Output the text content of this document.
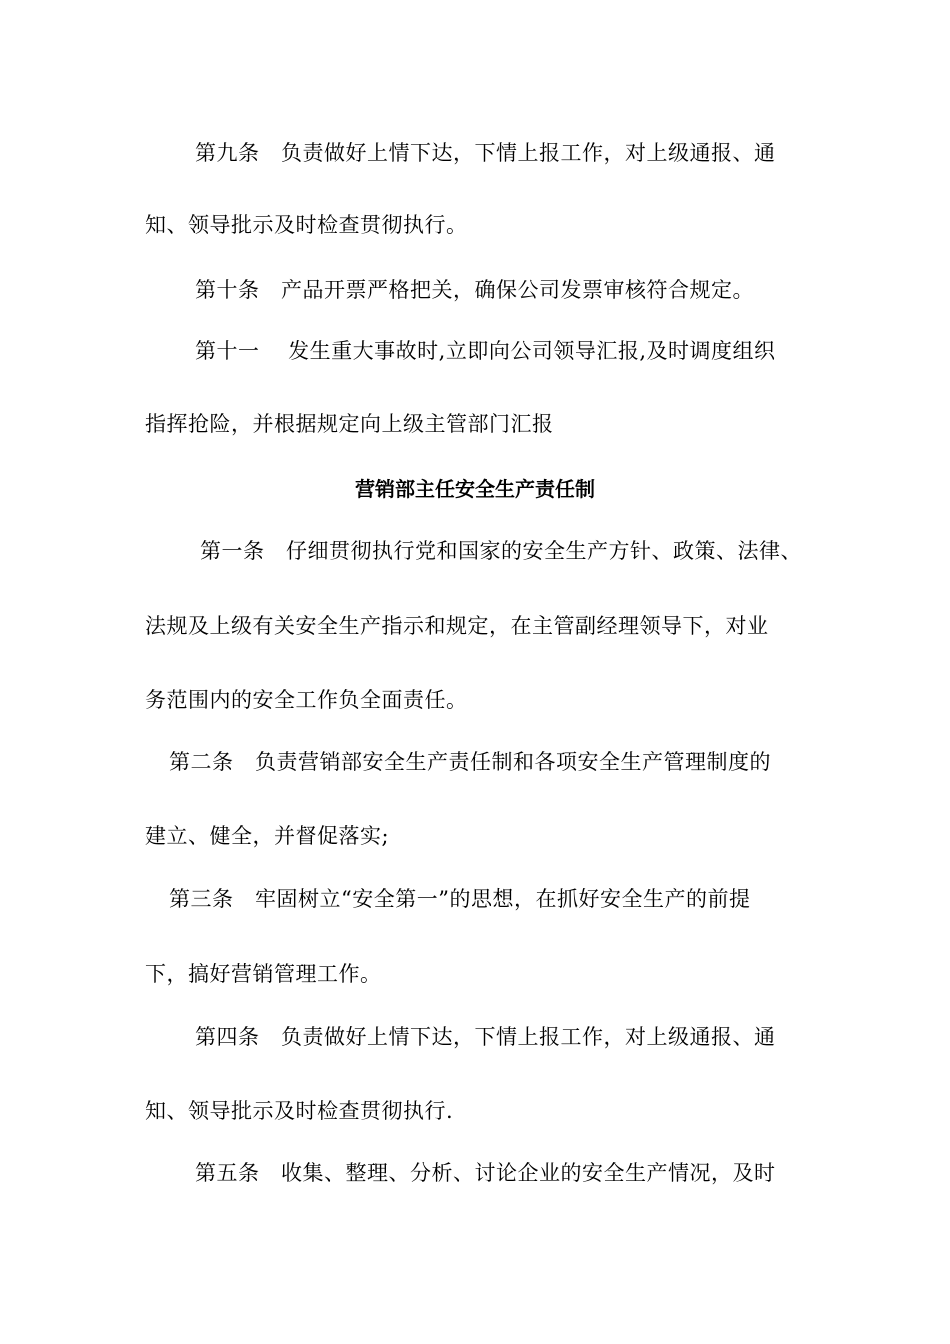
第九条　负责做好上情下达，下情上报工作，对上级通报、通
知、领导批示及时检查贯彻执行。
第十条　产品开票严格把关，确保公司发票审核符合规定。
第十一　 发生重大事故时,立即向公司领导汇报,及时调度组织
指挥抢险，并根据规定向上级主管部门汇报
营销部主任安全生产责任制
第一条　仔细贯彻执行党和国家的安全生产方针、政策、法律、
法规及上级有关安全生产指示和规定，在主管副经理领导下，对业
务范围内的安全工作负全面责任。
第二条　负责营销部安全生产责任制和各项安全生产管理制度的
建立、健全，并督促落实;
第三条　牢固树立“安全第一”的思想，在抓好安全生产的前提
下，搞好营销管理工作。
第四条　负责做好上情下达，下情上报工作，对上级通报、通
知、领导批示及时检查贯彻执行.
第五条　收集、整理、分析、讨论企业的安全生产情况，及时
